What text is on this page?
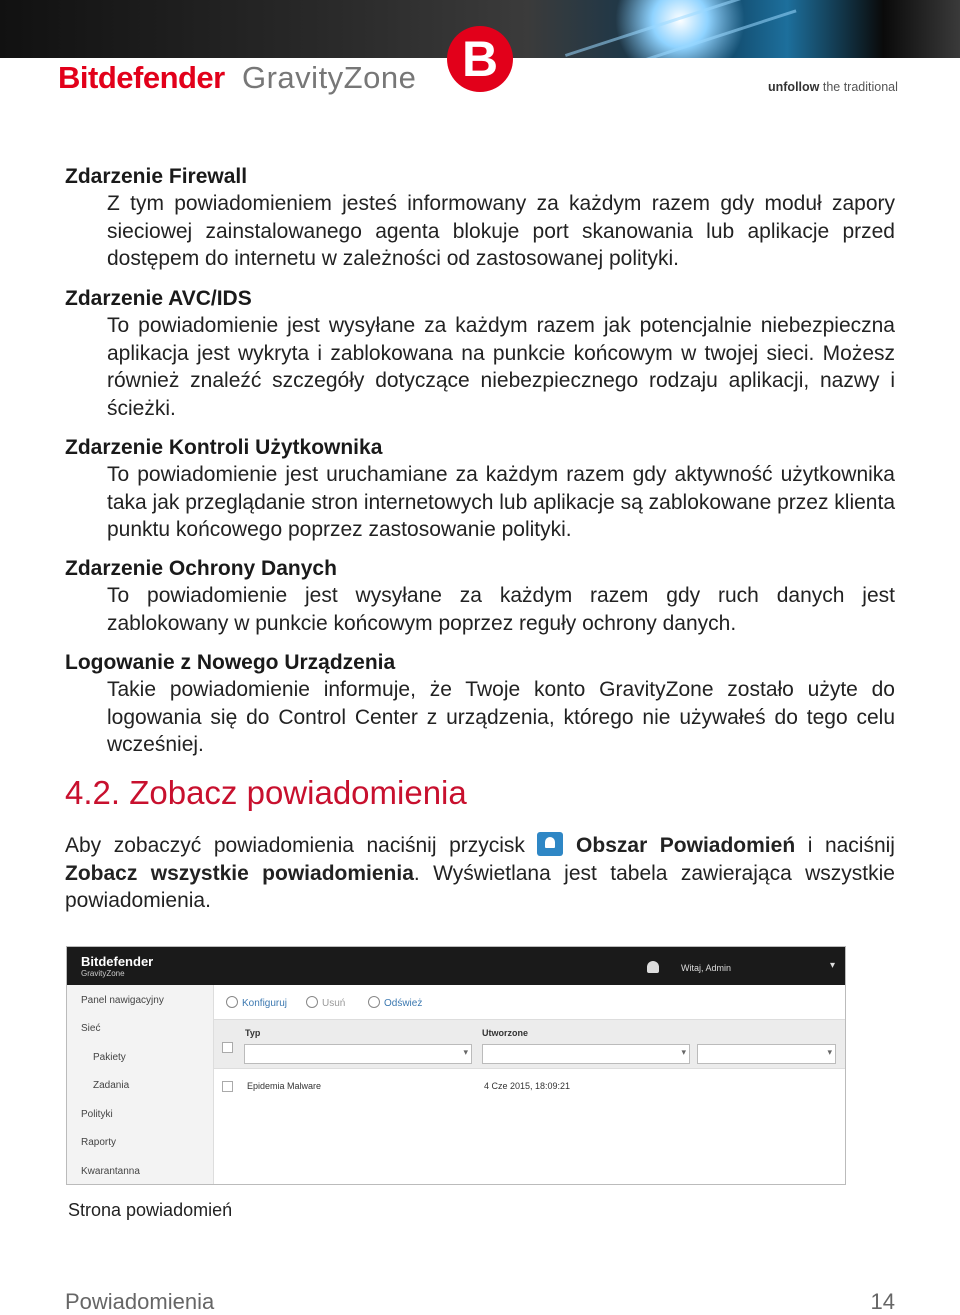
Bitdefender GravityZone B	unfollow the traditional
Zdarzenie Firewall
Z tym powiadomieniem jesteś informowany za każdym razem gdy moduł zapory sieciowej zainstalowanego agenta blokuje port skanowania lub aplikacje przed dostępem do internetu w zależności od zastosowanej polityki.
Zdarzenie AVC/IDS
To powiadomienie jest wysyłane za każdym razem jak potencjalnie niebezpieczna aplikacja jest wykryta i zablokowana na punkcie końcowym w twojej sieci. Możesz również znaleźć szczegóły dotyczące niebezpiecznego rodzaju aplikacji, nazwy i ścieżki.
Zdarzenie Kontroli Użytkownika
To powiadomienie jest uruchamiane za każdym razem gdy aktywność użytkownika taka jak przeglądanie stron internetowych lub aplikacje są zablokowane przez klienta punktu końcowego poprzez zastosowanie polityki.
Zdarzenie Ochrony Danych
To powiadomienie jest wysyłane za każdym razem gdy ruch danych jest zablokowany w punkcie końcowym poprzez reguły ochrony danych.
Logowanie z Nowego Urządzenia
Takie powiadomienie informuje, że Twoje konto GravityZone zostało użyte do logowania się do Control Center z urządzenia, którego nie używałeś do tego celu wcześniej.
4.2. Zobacz powiadomienia
Aby zobaczyć powiadomienia naciśnij przycisk Obszar Powiadomień i naciśnij Zobacz wszystkie powiadomienia. Wyświetlana jest tabela zawierająca wszystkie powiadomienia.
Bitdefender
GravityZone
Witaj, Admin	▾
Panel nawigacyjny
Sieć
Pakiety
Zadania
Polityki
Raporty
Kwarantanna
Konfiguruj	Usuń	Odśwież
Typ	Utworzone
▾
▾
▾
Epidemia Malware	4 Cze 2015, 18:09:21
Strona powiadomień
Powiadomienia	14
